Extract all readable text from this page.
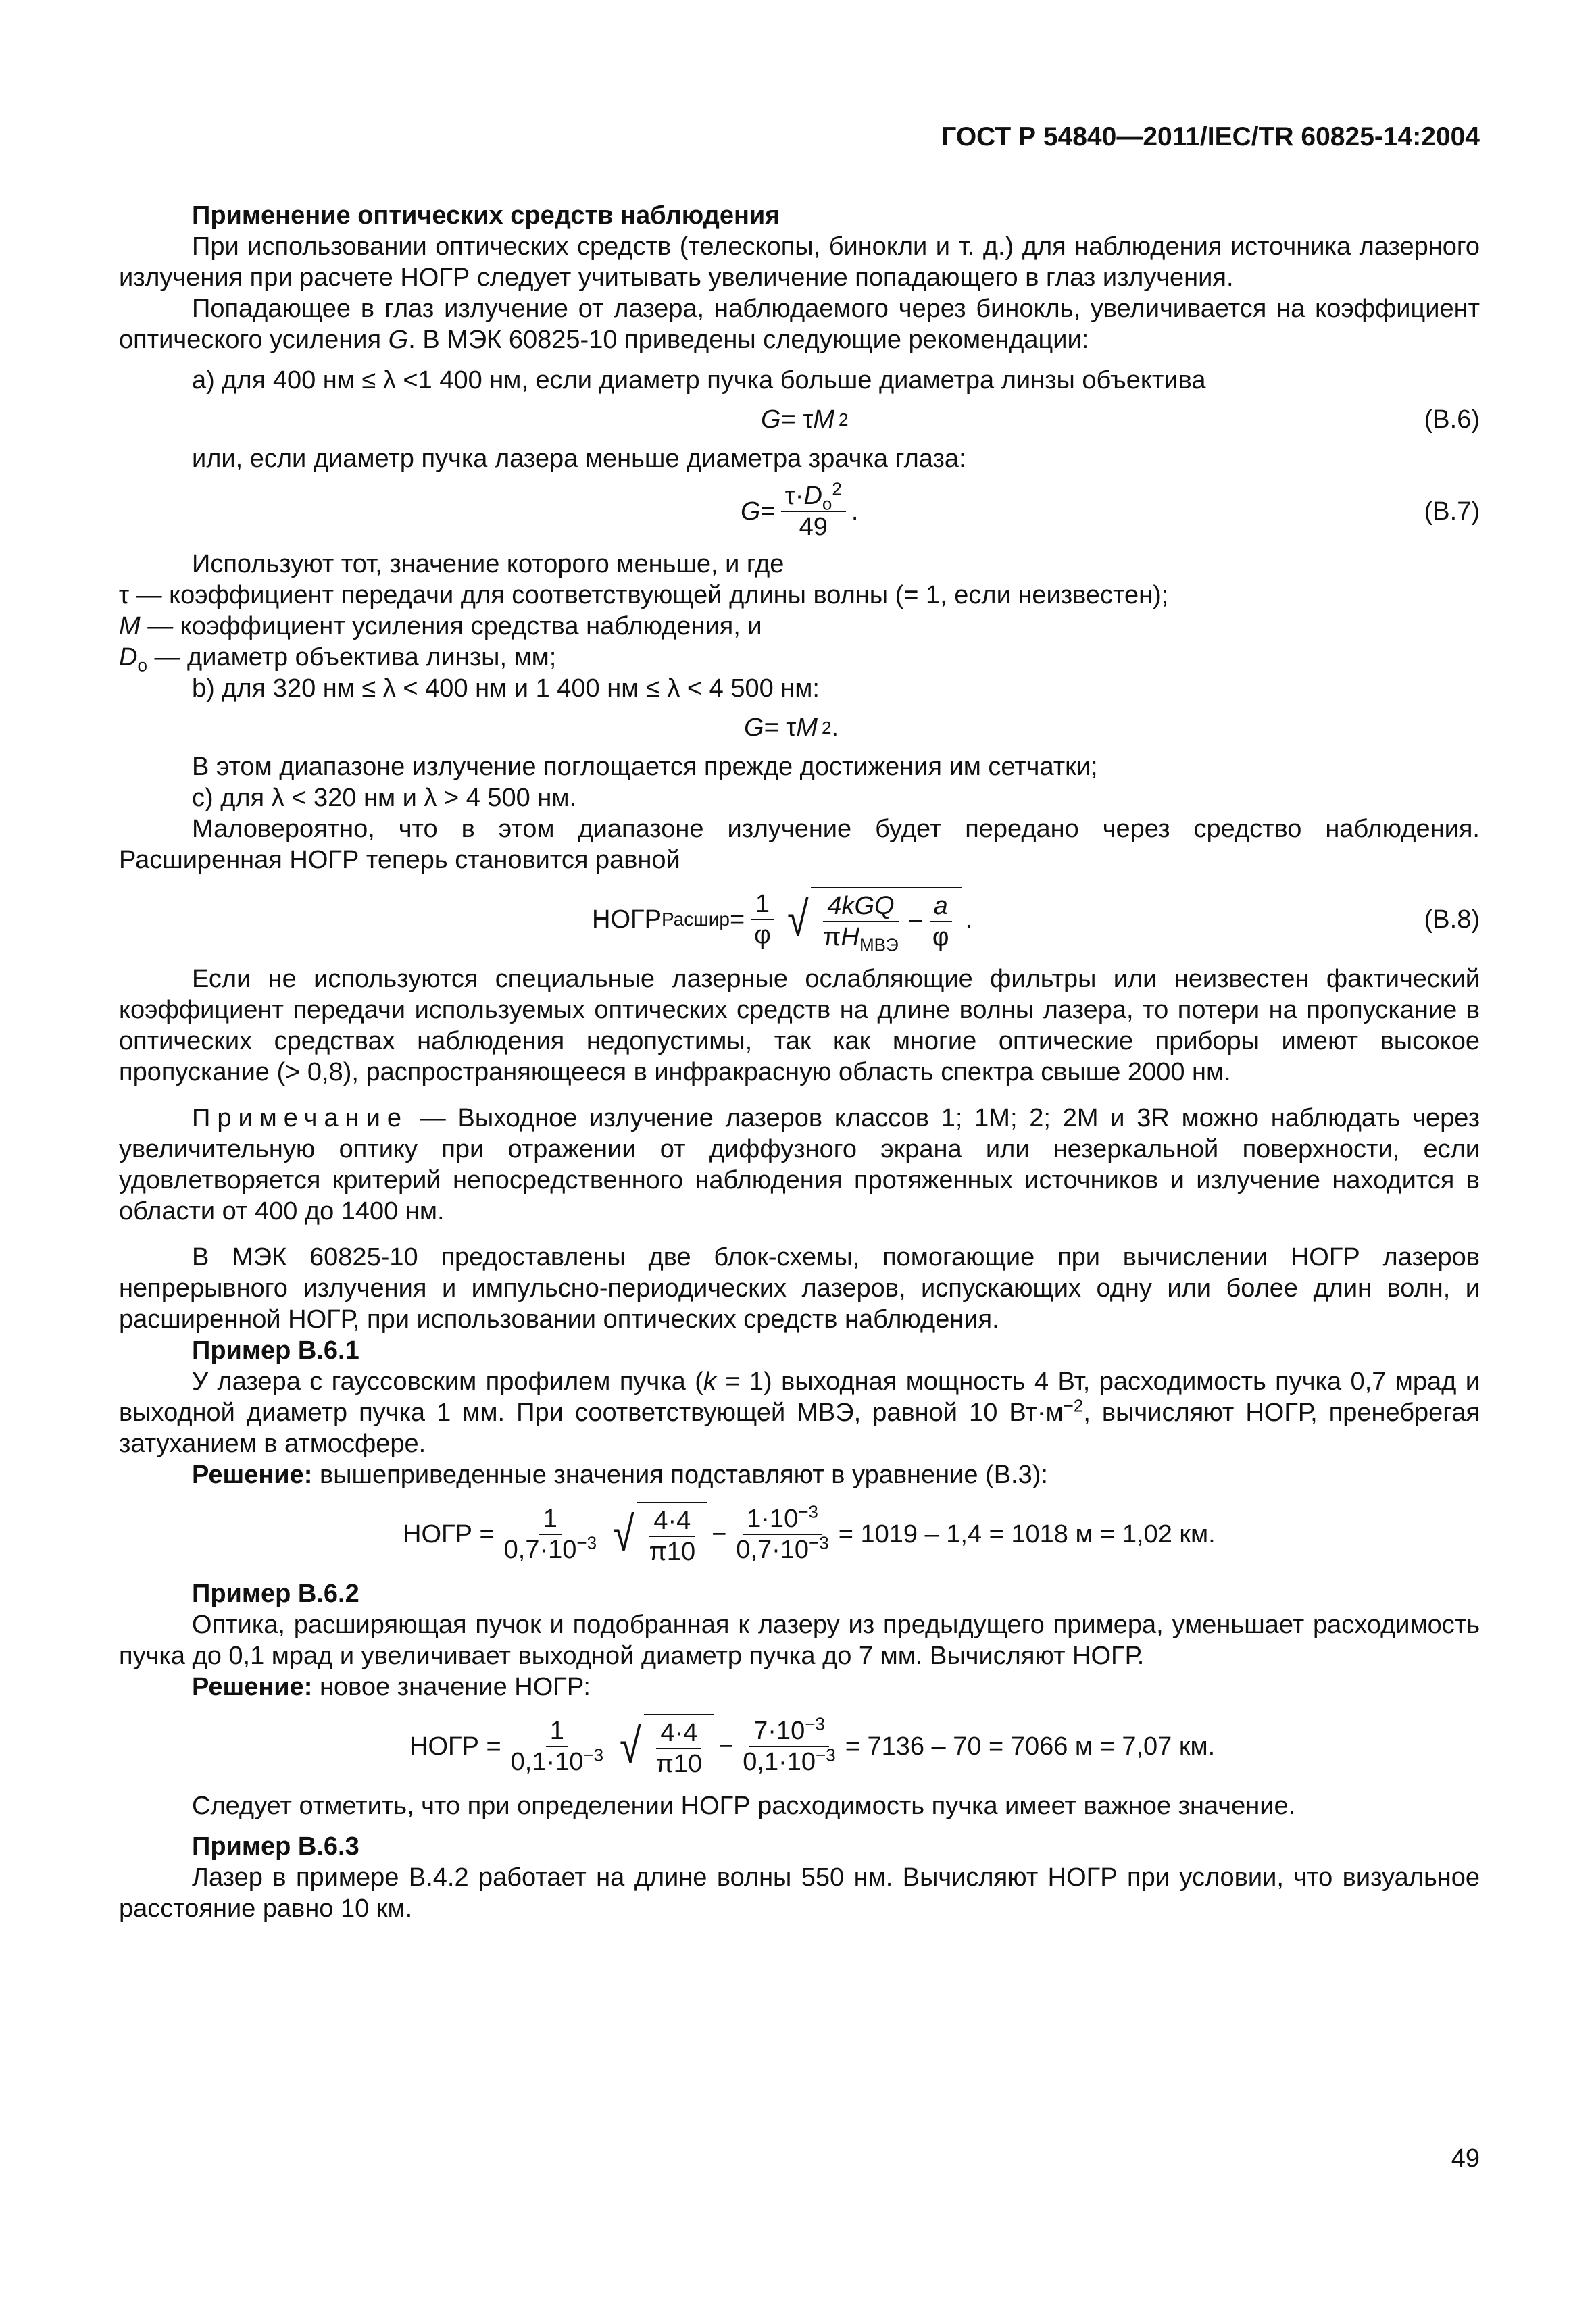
ГОСТ Р 54840—2011/IEC/TR 60825-14:2004

Применение оптических средств наблюдения

При использовании оптических средств (телескопы, бинокли и т. д.) для наблюдения источника лазерного излучения при расчете НОГР следует учитывать увеличение попадающего в глаз излучения.

Попадающее в глаз излучение от лазера, наблюдаемого через бинокль, увеличивается на коэффициент оптического усиления G. В МЭК 60825-10 приведены следующие рекомендации:

a) для 400 нм ≤ λ <1 400 нм, если диаметр пучка больше диаметра линзы объектива

G = τ M 2	(B.6)

или, если диаметр пучка лазера меньше диаметра зрачка глаза:

$G = \frac{\tau\cdot D_o^2}{49}$ .	(B.7)

Используют тот, значение которого меньше, и где

τ — коэффициент передачи для соответствующей длины волны (= 1, если неизвестен);

M — коэффициент усиления средства наблюдения, и

$D_o$ — диаметр объектива линзы, мм;

b) для 320 нм ≤ λ < 400 нм и 1 400 нм ≤ λ < 4 500 нм:

G = τ M 2 .

В этом диапазоне излучение поглощается прежде достижения им сетчатки;

c) для λ < 320 нм и λ > 4 500 нм.

Маловероятно, что в этом диапазоне излучение будет передано через средство наблюдения. Расширенная НОГР теперь становится равной

НОГР Расшир = $\frac{1}{\varphi}$ √ $\frac{\text{4kGQ}}{\pi H_{МВЭ}} - \frac{a}{\varphi}$ .	(B.8)

Если не используются специальные лазерные ослабляющие фильтры или неизвестен фактический коэффициент передачи используемых оптических средств на длине волны лазера, то потери на пропускание в оптических средствах наблюдения недопустимы, так как многие оптические приборы имеют высокое пропускание (> 0,8), распространяющееся в инфракрасную область спектра свыше 2000 нм.

Примечание — Выходное излучение лазеров классов 1; 1М; 2; 2М и 3R можно наблюдать через увеличительную оптику при отражении от диффузного экрана или незеркальной поверхности, если удовлетворяется критерий непосредственного наблюдения протяженных источников и излучение находится в области от 400 до 1400 нм.

В МЭК 60825-10 предоставлены две блок-схемы, помогающие при вычислении НОГР лазеров непрерывного излучения и импульсно-периодических лазеров, испускающих одну или более длин волн, и расширенной НОГР, при использовании оптических средств наблюдения.

Пример В.6.1

У лазера с гауссовским профилем пучка (k = 1) выходная мощность 4 Вт, расходимость пучка 0,7 мрад и выходной диаметр пучка 1 мм. При соответствующей МВЭ, равной 10 $Вт\cdot м^{-2}$, вычисляют НОГР, пренебрегая затуханием в атмосфере.

Решение: вышеприведенные значения подставляют в уравнение (В.3):

НОГР = $\frac{1}{0,7\cdot 10^{-3}}$ √ $\frac{4\cdot 4}{\pi 10} - \frac{1\cdot 10^{-3}}{0,7\cdot 10^{-3}} = 1019 - 1,4 = 1018$ м = 1,02 км.

Пример В.6.2

Оптика, расширяющая пучок и подобранная к лазеру из предыдущего примера, уменьшает расходимость пучка до 0,1 мрад и увеличивает выходной диаметр пучка до 7 мм. Вычисляют НОГР.

Решение: новое значение НОГР:

НОГР = $\frac{1}{0,1\cdot 10^{-3}}$ √ $\frac{4\cdot 4}{\pi 10} - \frac{7\cdot 10^{-3}}{0,1\cdot 10^{-3}} = 7136 - 70 = 7066$ м = 7,07 км.

Следует отметить, что при определении НОГР расходимость пучка имеет важное значение.

Пример В.6.3

Лазер в примере В.4.2 работает на длине волны 550 нм. Вычисляют НОГР при условии, что визуальное расстояние равно 10 км.

49
